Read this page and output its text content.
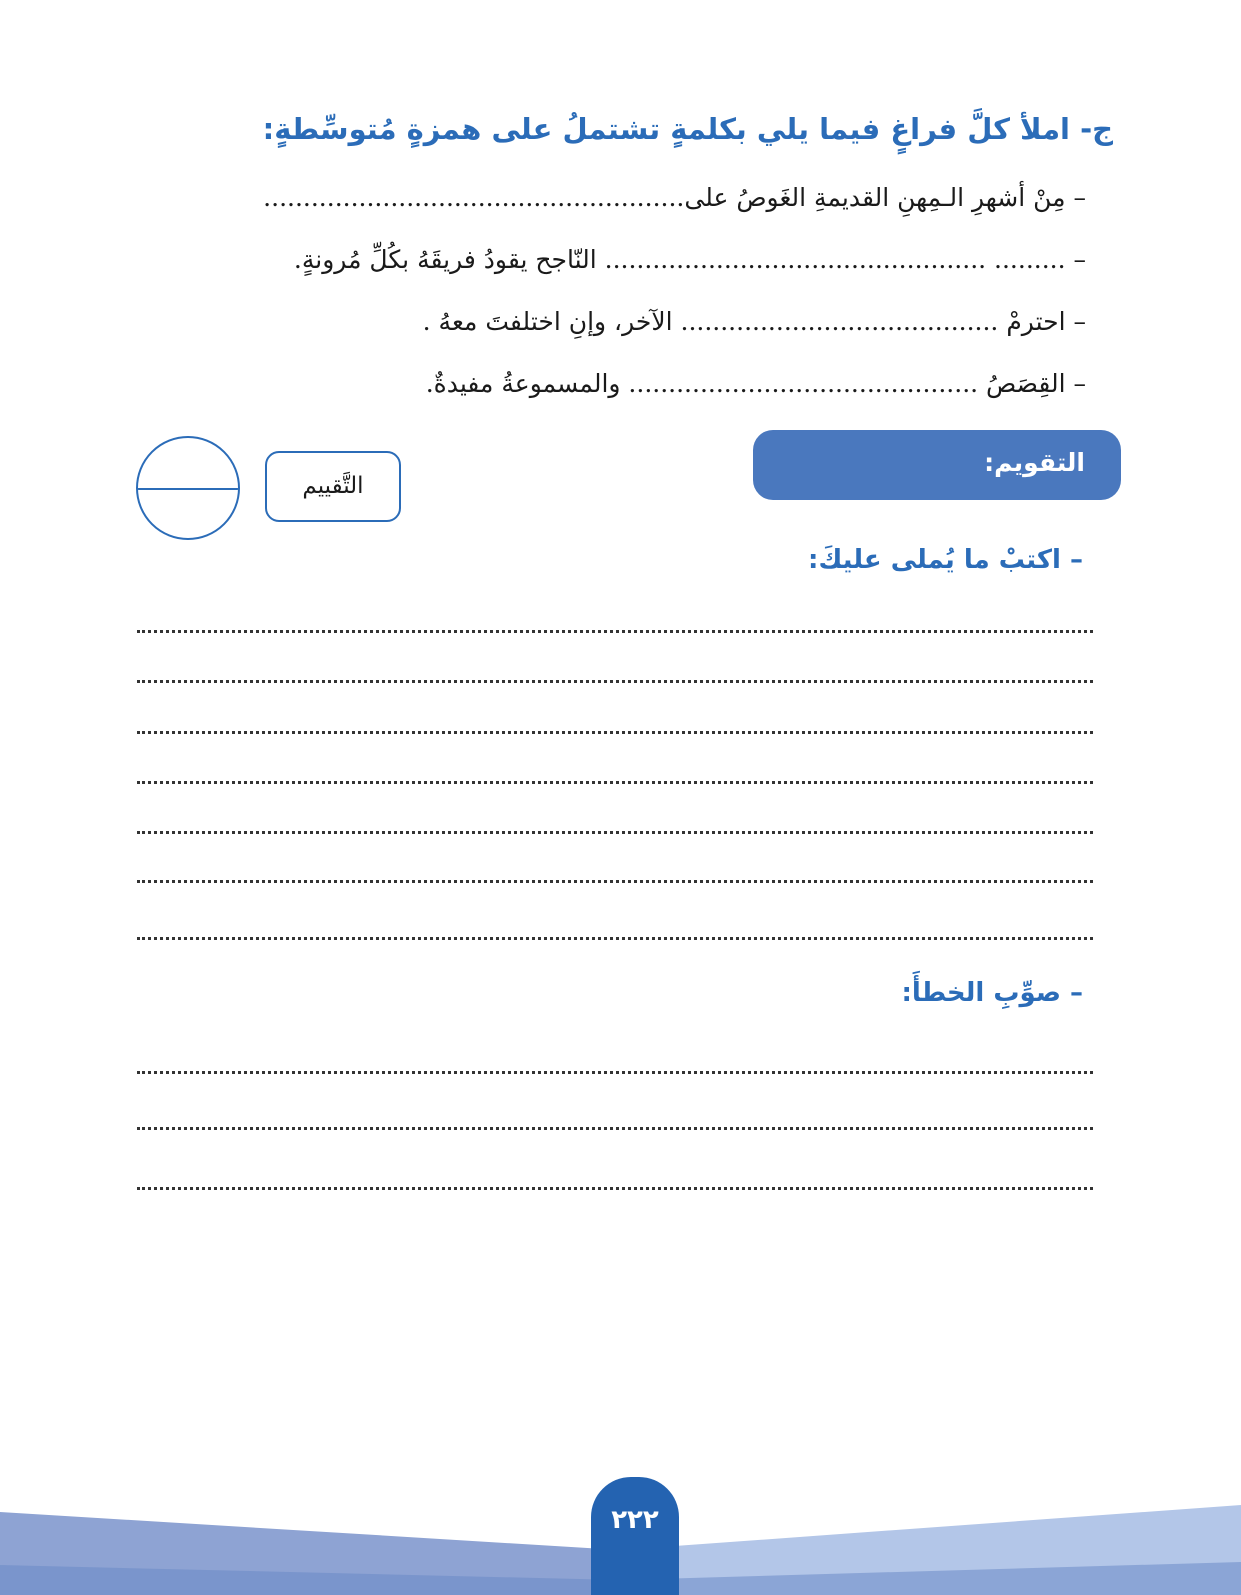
ج- املأ كلَّ فراغٍ فيما يلي بكلمةٍ تشتملُ على همزةٍ مُتوسِّطةٍ:
– مِنْ أشهرِ الـمِهنِ القديمةِ الغَوصُ على.....................................................
– ......... ................................................ النّاجح يقودُ فريقَهُ بكُلِّ مُرونةٍ.
– احترمْ ........................................ الآخر، وإنِ اختلفتَ معهُ .
– القِصَصُ ............................................ والمسموعةُ مفيدةٌ.
التقويم:
التَّقييم
– اكتبْ ما يُملى عليكَ:
– صوِّبِ الخطأَ:
٢٢٢
